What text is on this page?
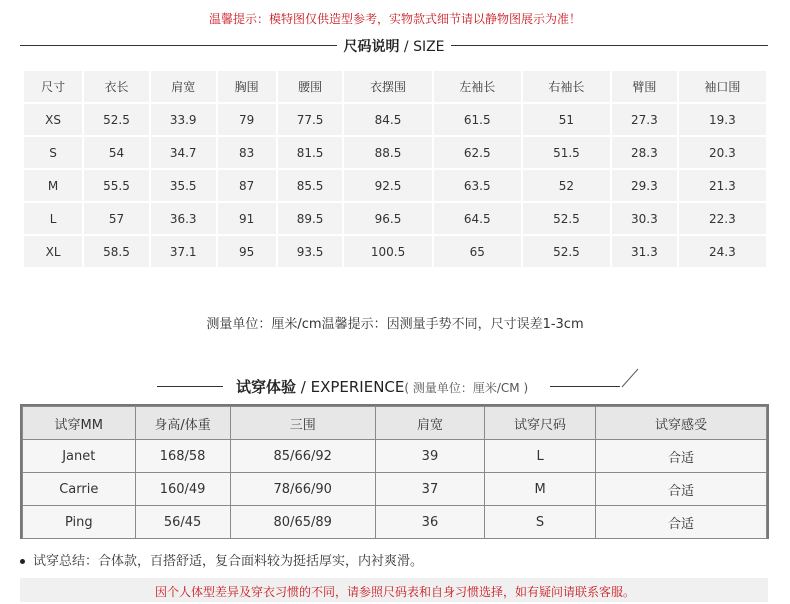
温馨提示：模特图仅供造型参考，实物款式细节请以静物图展示为准！
尺码说明 / SIZE
尺寸	衣长	肩宽	胸围	腰围	衣摆围	左袖长	右袖长	臂围	袖口围
XS	52.5	33.9	79	77.5	84.5	61.5	51	27.3	19.3
S	54	34.7	83	81.5	88.5	62.5	51.5	28.3	20.3
M	55.5	35.5	87	85.5	92.5	63.5	52	29.3	21.3
L	57	36.3	91	89.5	96.5	64.5	52.5	30.3	22.3
XL	58.5	37.1	95	93.5	100.5	65	52.5	31.3	24.3
测量单位：厘米/cm温馨提示：因测量手势不同，尺寸误差1-3cm
试穿体验 / EXPERIENCE( 测量单位：厘米/CM )
试穿MM	身高/体重	三围	肩宽	试穿尺码	试穿感受
Janet	168/58	85/66/92	39	L	合适
Carrie	160/49	78/66/90	37	M	合适
Ping	56/45	80/65/89	36	S	合适
试穿总结：合体款，百搭舒适，复合面料较为挺括厚实，内衬爽滑。
因个人体型差异及穿衣习惯的不同，请参照尺码表和自身习惯选择，如有疑问请联系客服。
